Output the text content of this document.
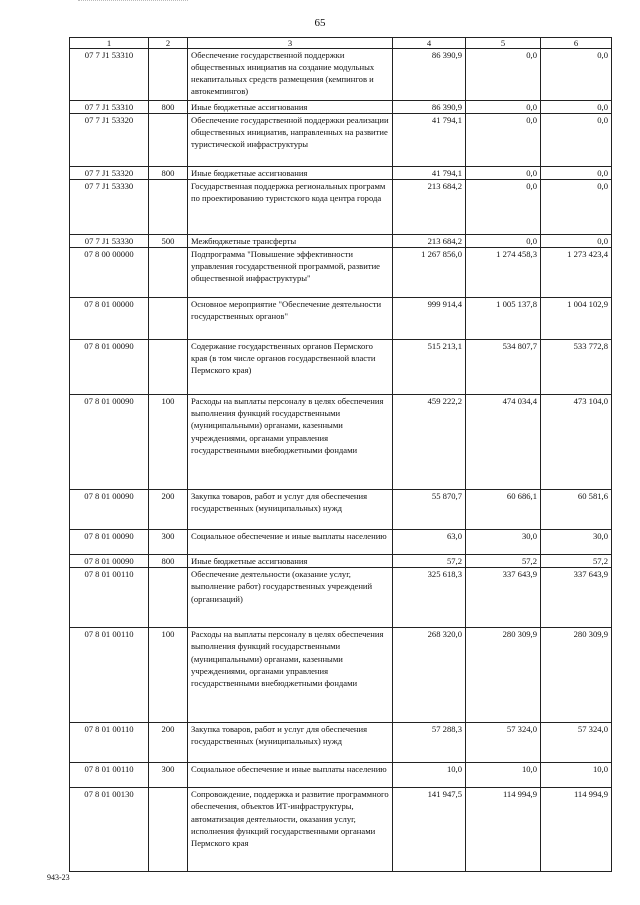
65
1	2	3	4	5	6
07 7 J1 53310		Обеспечение государственной поддержки общественных инициатив на создание модульных некапитальных средств размещения (кемпингов и автокемпингов)	86 390,9	0,0	0,0
07 7 J1 53310	800	Иные бюджетные ассигнования	86 390,9	0,0	0,0
07 7 J1 53320		Обеспечение государственной поддержки реализации общественных инициатив, направленных на развитие туристической инфраструктуры	41 794,1	0,0	0,0
07 7 J1 53320	800	Иные бюджетные ассигнования	41 794,1	0,0	0,0
07 7 J1 53330		Государственная поддержка региональных программ по проектированию туристского кода центра города	213 684,2	0,0	0,0
07 7 J1 53330	500	Межбюджетные трансферты	213 684,2	0,0	0,0
07 8 00 00000		Подпрограмма "Повышение эффективности управления государственной программой, развитие общественной инфраструктуры"	1 267 856,0	1 274 458,3	1 273 423,4
07 8 01 00000		Основное мероприятие "Обеспечение деятельности государственных органов"	999 914,4	1 005 137,8	1 004 102,9
07 8 01 00090		Содержание государственных органов Пермского края (в том числе органов государственной власти Пермского края)	515 213,1	534 807,7	533 772,8
07 8 01 00090	100	Расходы на выплаты персоналу в целях обеспечения выполнения функций государственными (муниципальными) органами, казенными учреждениями, органами управления государственными внебюджетными фондами	459 222,2	474 034,4	473 104,0
07 8 01 00090	200	Закупка товаров, работ и услуг для обеспечения государственных (муниципальных) нужд	55 870,7	60 686,1	60 581,6
07 8 01 00090	300	Социальное обеспечение и иные выплаты населению	63,0	30,0	30,0
07 8 01 00090	800	Иные бюджетные ассигнования	57,2	57,2	57,2
07 8 01 00110		Обеспечение деятельности (оказание услуг, выполнение работ) государственных учреждений (организаций)	325 618,3	337 643,9	337 643,9
07 8 01 00110	100	Расходы на выплаты персоналу в целях обеспечения выполнения функций государственными (муниципальными) органами, казенными учреждениями, органами управления государственными внебюджетными фондами	268 320,0	280 309,9	280 309,9
07 8 01 00110	200	Закупка товаров, работ и услуг для обеспечения государственных (муниципальных) нужд	57 288,3	57 324,0	57 324,0
07 8 01 00110	300	Социальное обеспечение и иные выплаты населению	10,0	10,0	10,0
07 8 01 00130		Сопровождение, поддержка и развитие программного обеспечения, объектов ИТ-инфраструктуры, автоматизация деятельности, оказания услуг, исполнения функций государственными органами Пермского края	141 947,5	114 994,9	114 994,9
943-23
